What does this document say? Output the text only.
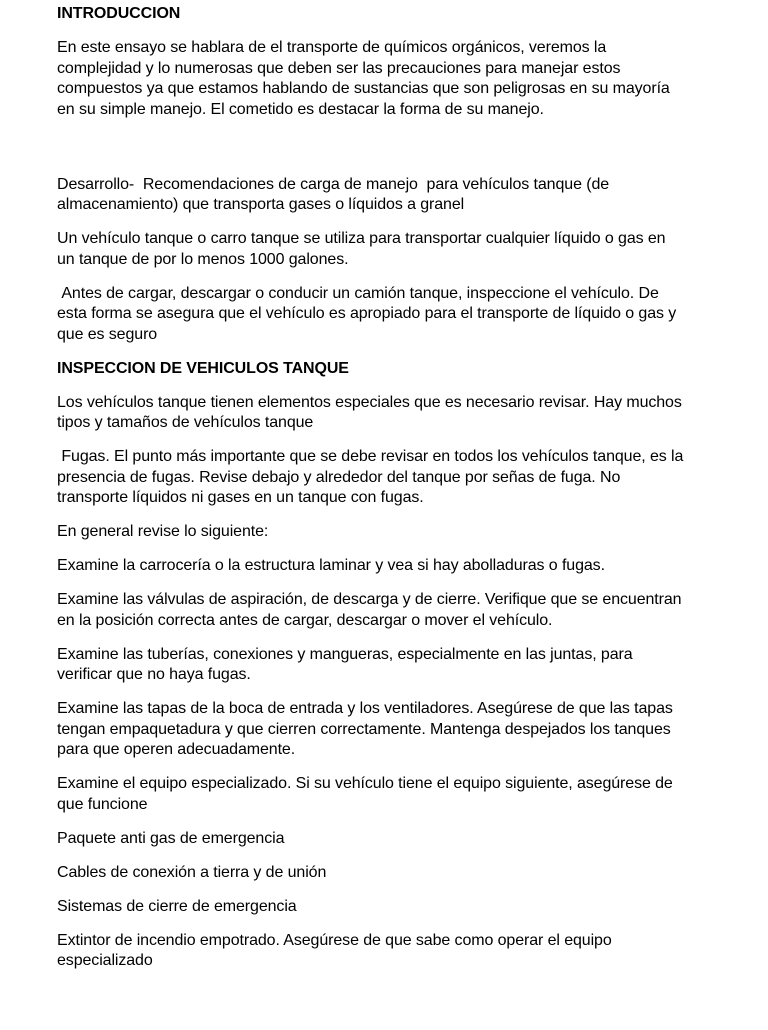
INTRODUCCION

En este ensayo se hablara de el transporte de químicos orgánicos, veremos la complejidad y lo numerosas que deben ser las precauciones para manejar estos compuestos ya que estamos hablando de sustancias que son peligrosas en su mayoría en su simple manejo. El cometido es destacar la forma de su manejo.

Desarrollo-  Recomendaciones de carga de manejo  para vehículos tanque (de almacenamiento) que transporta gases o líquidos a granel

Un vehículo tanque o carro tanque se utiliza para transportar cualquier líquido o gas en un tanque de por lo menos 1000 galones.

Antes de cargar, descargar o conducir un camión tanque, inspeccione el vehículo. De esta forma se asegura que el vehículo es apropiado para el transporte de líquido o gas y que es seguro

INSPECCION DE VEHICULOS TANQUE

Los vehículos tanque tienen elementos especiales que es necesario revisar. Hay muchos tipos y tamaños de vehículos tanque

Fugas. El punto más importante que se debe revisar en todos los vehículos tanque, es la presencia de fugas. Revise debajo y alrededor del tanque por señas de fuga. No transporte líquidos ni gases en un tanque con fugas.

En general revise lo siguiente:

Examine la carrocería o la estructura laminar y vea si hay abolladuras o fugas.

Examine las válvulas de aspiración, de descarga y de cierre. Verifique que se encuentran en la posición correcta antes de cargar, descargar o mover el vehículo.

Examine las tuberías, conexiones y mangueras, especialmente en las juntas, para verificar que no haya fugas.

Examine las tapas de la boca de entrada y los ventiladores. Asegúrese de que las tapas tengan empaquetadura y que cierren correctamente. Mantenga despejados los tanques para que operen adecuadamente.

Examine el equipo especializado. Si su vehículo tiene el equipo siguiente, asegúrese de que funcione

Paquete anti gas de emergencia

Cables de conexión a tierra y de unión

Sistemas de cierre de emergencia

Extintor de incendio empotrado. Asegúrese de que sabe como operar el equipo especializado
